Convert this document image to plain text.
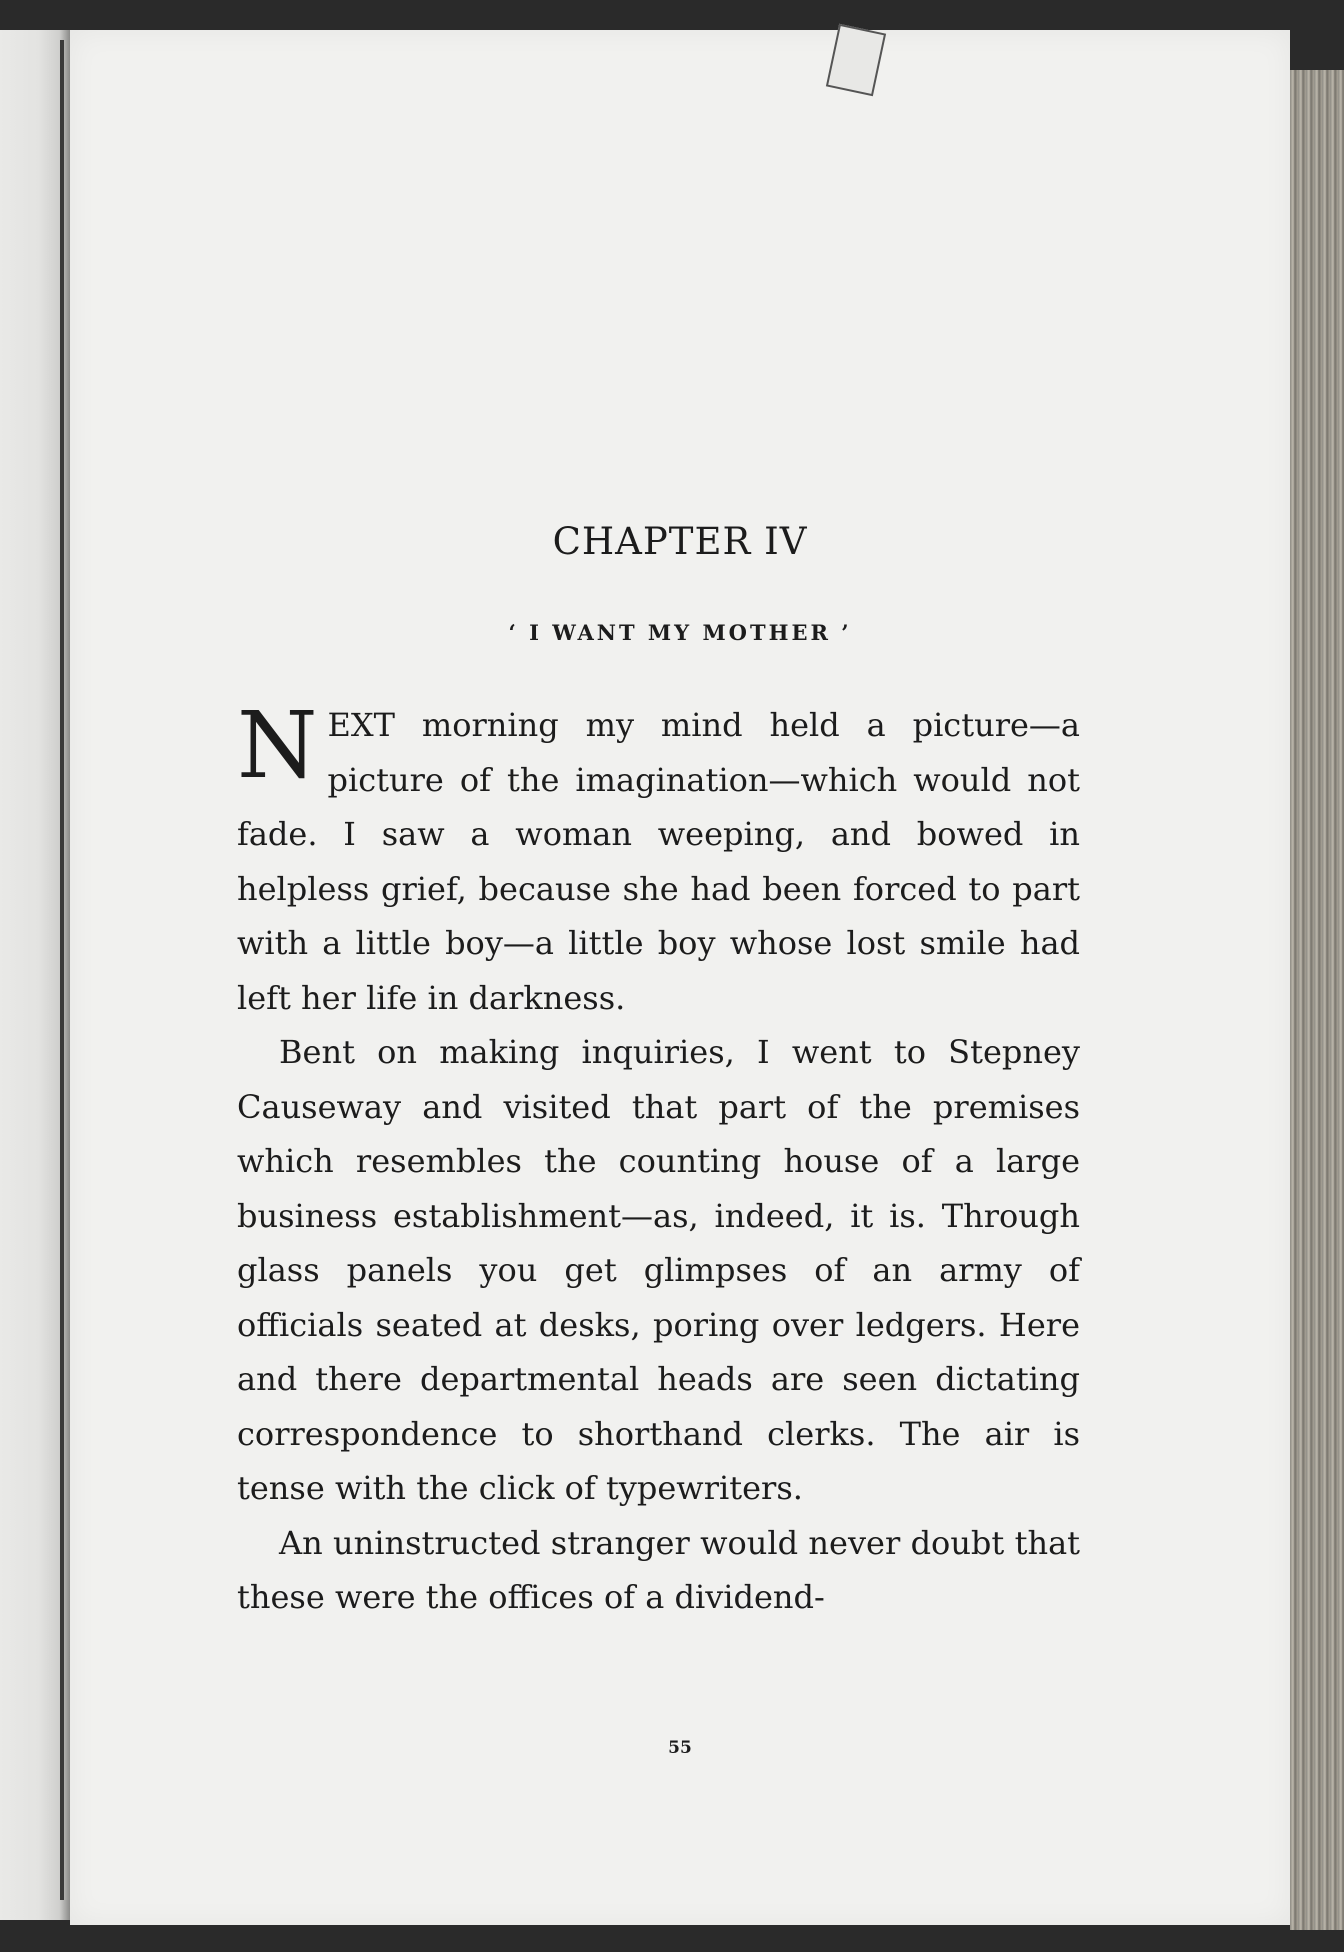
CHAPTER IV
‘ I WANT MY MOTHER ’

NEXT morning my mind held a picture—a picture of the imagination—which would not fade. I saw a woman weeping, and bowed in helpless grief, because she had been forced to part with a little boy—a little boy whose lost smile had left her life in darkness.

Bent on making inquiries, I went to Stepney Causeway and visited that part of the premises which resembles the counting house of a large business establishment—as, indeed, it is. Through glass panels you get glimpses of an army of officials seated at desks, poring over ledgers. Here and there departmental heads are seen dictating correspondence to shorthand clerks. The air is tense with the click of typewriters.

An uninstructed stranger would never doubt that these were the offices of a dividend-

55
